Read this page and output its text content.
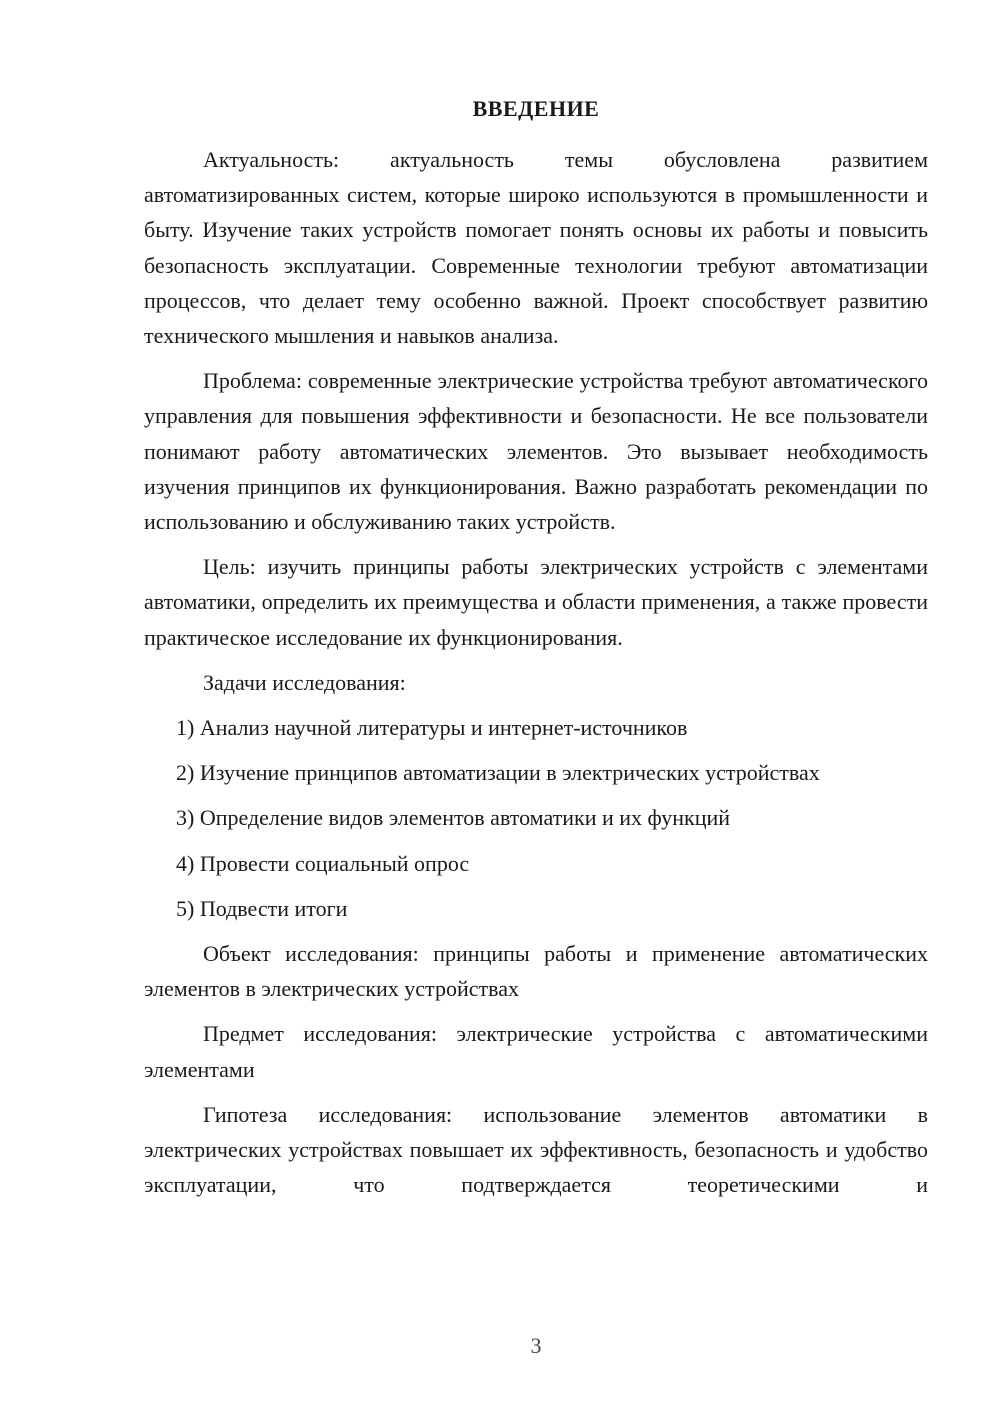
ВВЕДЕНИЕ

Актуальность: актуальность темы обусловлена развитием автоматизированных систем, которые широко используются в промышленности и быту. Изучение таких устройств помогает понять основы их работы и повысить безопасность эксплуатации. Современные технологии требуют автоматизации процессов, что делает тему особенно важной. Проект способствует развитию технического мышления и навыков анализа.

Проблема: современные электрические устройства требуют автоматического управления для повышения эффективности и безопасности. Не все пользователи понимают работу автоматических элементов. Это вызывает необходимость изучения принципов их функционирования. Важно разработать рекомендации по использованию и обслуживанию таких устройств.

Цель: изучить принципы работы электрических устройств с элементами автоматики, определить их преимущества и области применения, а также провести практическое исследование их функционирования.

Задачи исследования:

1) Анализ научной литературы и интернет-источников

2) Изучение принципов автоматизации в электрических устройствах

3) Определение видов элементов автоматики и их функций

4) Провести социальный опрос

5) Подвести итоги

Объект исследования: принципы работы и применение автоматических элементов в электрических устройствах

Предмет исследования: электрические устройства с автоматическими элементами

Гипотеза исследования: использование элементов автоматики в электрических устройствах повышает их эффективность, безопасность и удобство эксплуатации, что подтверждается теоретическими и

3
